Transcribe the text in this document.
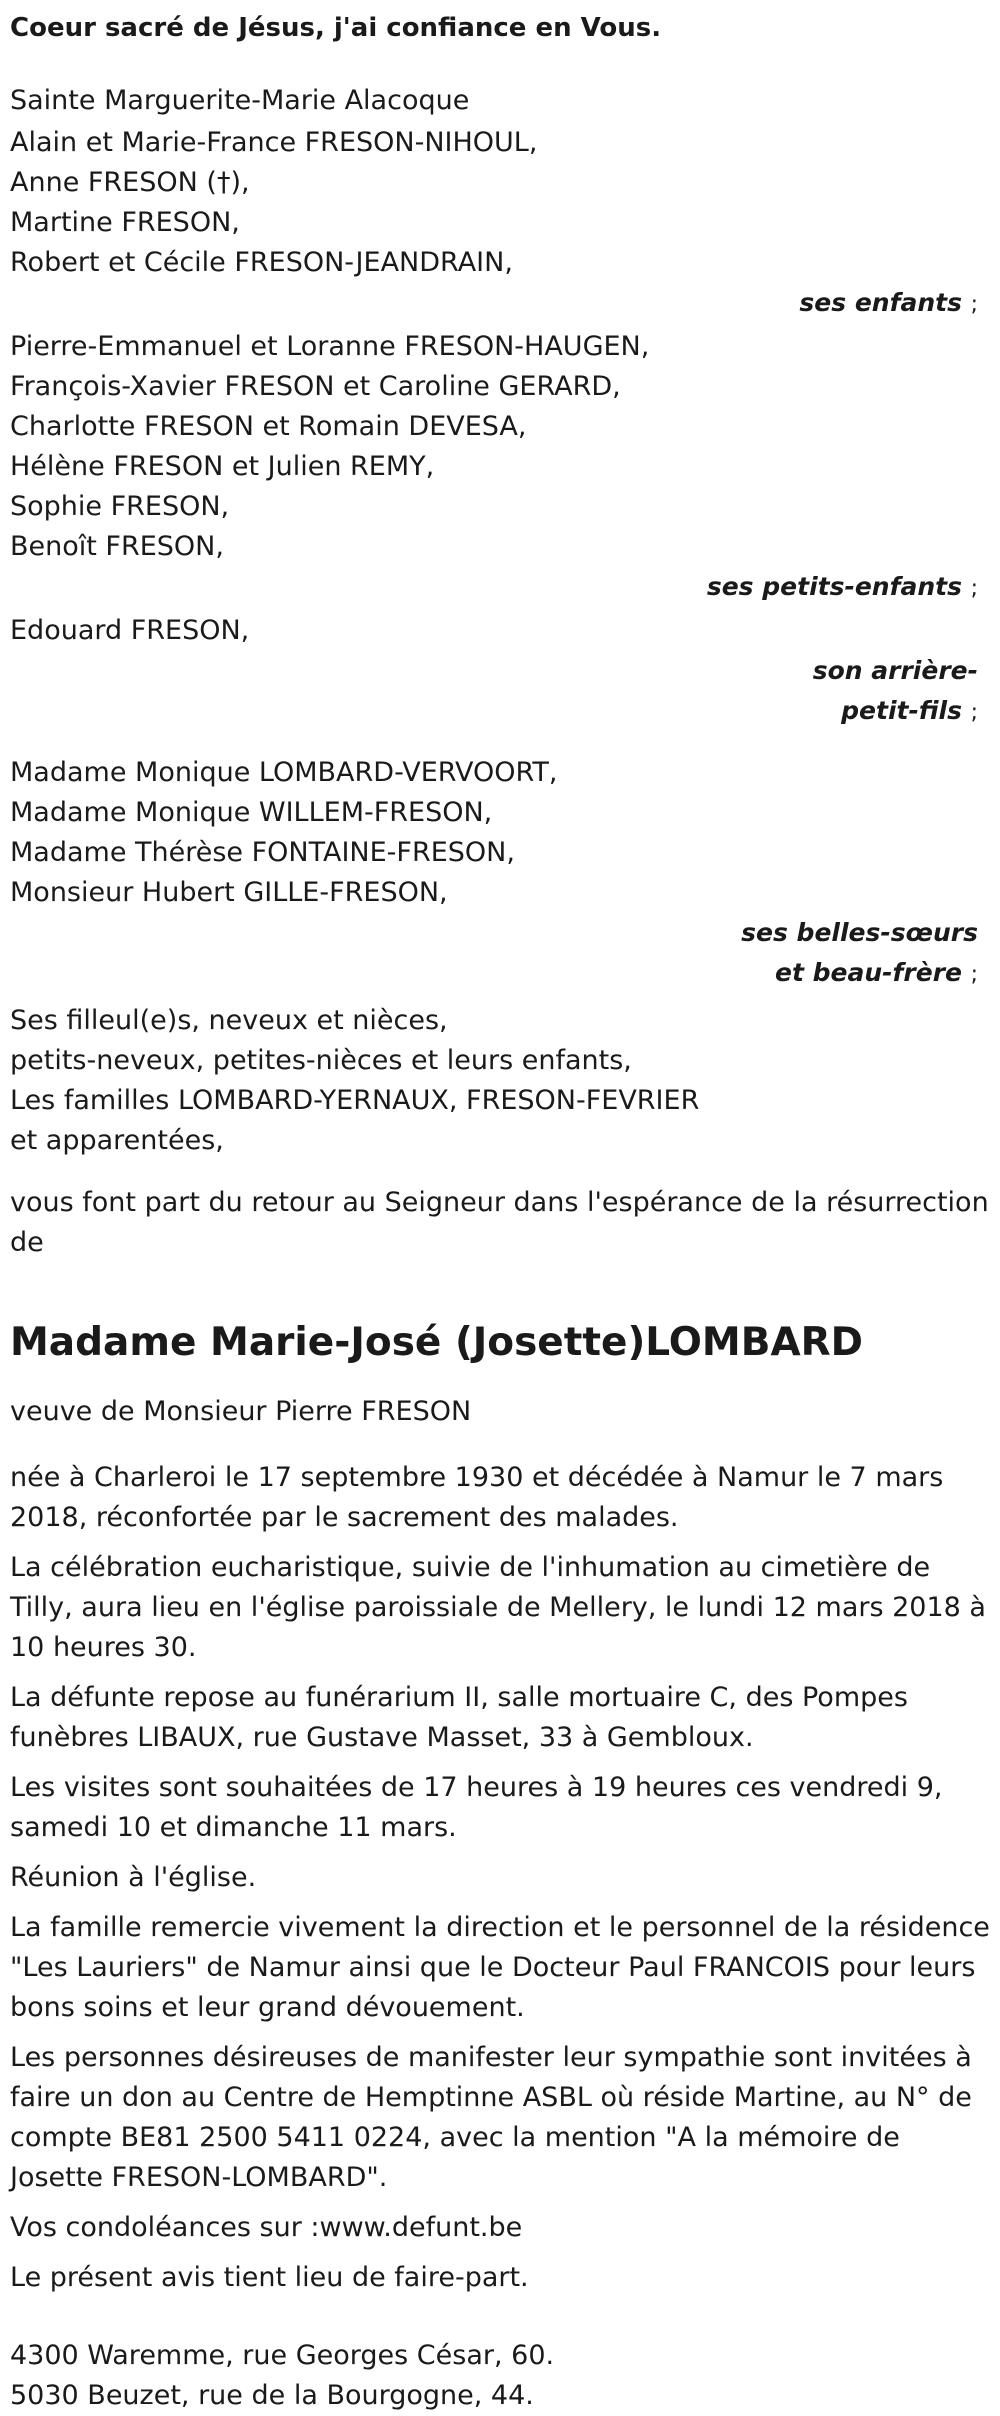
Coeur sacré de Jésus, j'ai confiance en Vous.
Sainte Marguerite-Marie Alacoque
Alain et Marie-France FRESON-NIHOUL,
Anne FRESON (†),
Martine FRESON,
Robert et Cécile FRESON-JEANDRAIN,
ses enfants ;
Pierre-Emmanuel et Loranne FRESON-HAUGEN,
François-Xavier FRESON et Caroline GERARD,
Charlotte FRESON et Romain DEVESA,
Hélène FRESON et Julien REMY,
Sophie FRESON,
Benoît FRESON,
ses petits-enfants ;
Edouard FRESON,
son arrière-
petit-fils ;
Madame Monique LOMBARD-VERVOORT,
Madame Monique WILLEM-FRESON,
Madame Thérèse FONTAINE-FRESON,
Monsieur Hubert GILLE-FRESON,
ses belles-sœurs
et beau-frère ;
Ses filleul(e)s, neveux et nièces,
petits-neveux, petites-nièces et leurs enfants,
Les familles LOMBARD-YERNAUX, FRESON-FEVRIER
et apparentées,
vous font part du retour au Seigneur dans l'espérance de la résurrection
de
Madame Marie-José (Josette)LOMBARD
veuve de Monsieur Pierre FRESON

née à Charleroi le 17 septembre 1930 et décédée à Namur le 7 mars 2018, réconfortée par le sacrement des malades.

La célébration eucharistique, suivie de l'inhumation au cimetière de Tilly, aura lieu en l'église paroissiale de Mellery, le lundi 12 mars 2018 à 10 heures 30.

La défunte repose au funérarium II, salle mortuaire C, des Pompes funèbres LIBAUX, rue Gustave Masset, 33 à Gembloux.

Les visites sont souhaitées de 17 heures à 19 heures ces vendredi 9, samedi 10 et dimanche 11 mars.

Réunion à l'église.

La famille remercie vivement la direction et le personnel de la résidence "Les Lauriers" de Namur ainsi que le Docteur Paul FRANCOIS pour leurs bons soins et leur grand dévouement.

Les personnes désireuses de manifester leur sympathie sont invitées à faire un don au Centre de Hemptinne ASBL où réside Martine, au N° de compte BE81 2500 5411 0224, avec la mention "A la mémoire de Josette FRESON-LOMBARD".

Vos condoléances sur :www.defunt.be

Le présent avis tient lieu de faire-part.

4300 Waremme, rue Georges César, 60.
5030 Beuzet, rue de la Bourgogne, 44.
